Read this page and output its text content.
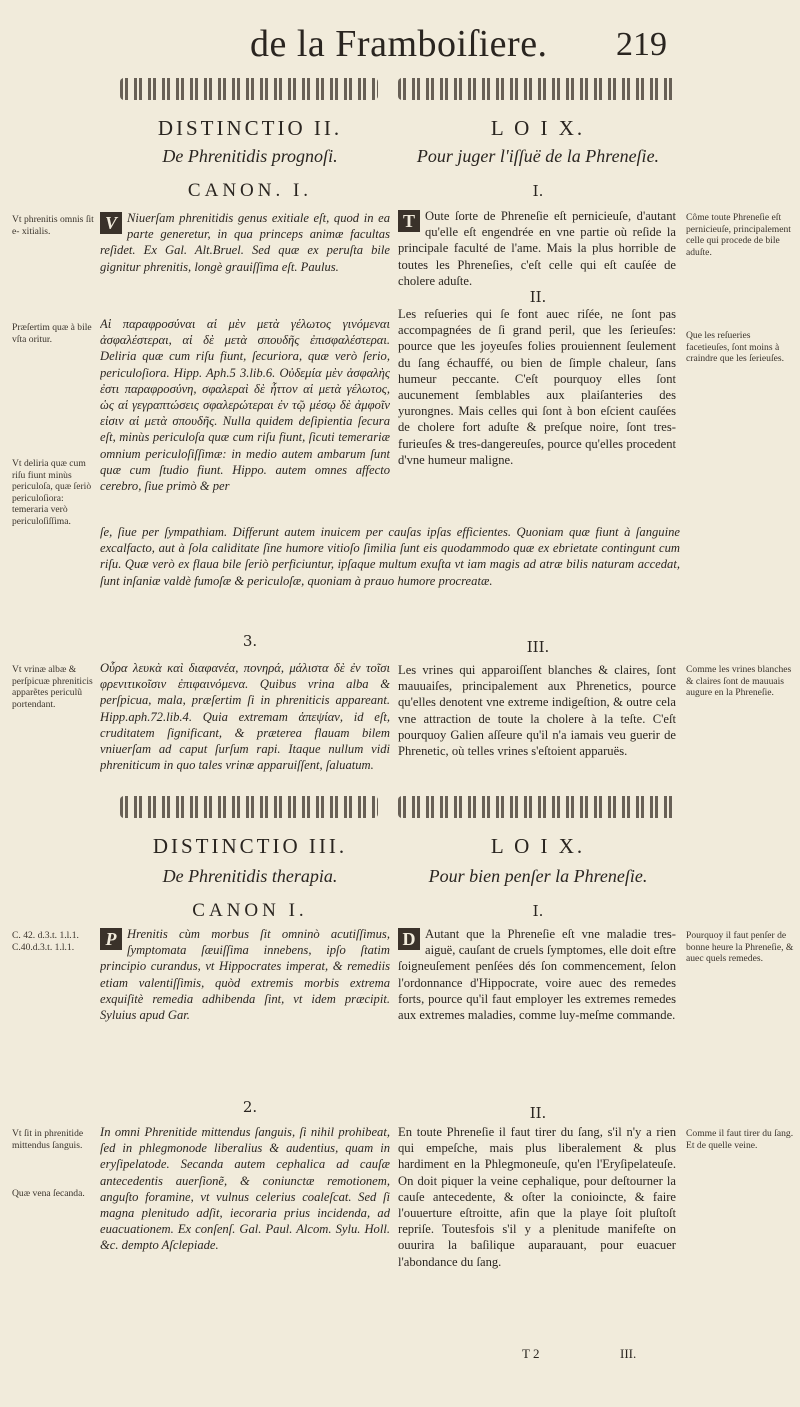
de la Framboiſiere. 219
DISTINCTIO II.
De Phrenitidis prognoſi.
CANON. I.
Vt phrenitis omnis ſit e- xitialis.	V Niuerſam phrenitidis genus exitiale eſt, quod in ea parte generetur, in qua princeps animæ facultas reſidet. Ex Gal. Alt.Bruel. Sed quæ ex peruſta bile gignitur phrenitis, longè grauiſſima eſt. Paulus.
Præſertim quæ à bile vſta oritur.
Αἱ παραφροσύναι αἱ μὲν μετὰ γέλωτος γινόμεναι ἀσφαλέστεραι, αἱ δὲ μετὰ σπουδῆς ἐπισφαλέστεραι. Deliria quæ cum riſu fiunt, ſecuriora, quæ verò ſerio, periculoſiora. Hipp. Aph.5 3.lib.6. Οὐδεμία μὲν ἀσφαλὴς ἐστι παραφροσύνη, σφαλεραὶ δὲ ἧττον αἱ μετὰ γέλωτος, ὡς αἱ γεγραπτώσεις σφαλερώτεραι ἐν τῷ μέσῳ δὲ ἀμφοῖν εἰσιν αἱ μετὰ σπουδῆς. Nulla quidem deſipientia ſecura eſt, minùs periculoſa quæ cum riſu fiunt, ſicuti temerariæ omnium periculoſiſſimæ: in medio autem ambarum ſunt quæ cum ſtudio fiunt. Hippo. autem omnes affecto cerebro, ſiue primò & per
Vt deliria quæ cum riſu fiunt minùs periculoſa, quæ ſeriò periculoſiora: temeraria verò periculoſiſſima.
ſe, ſiue per ſympathiam. Differunt autem inuicem per cauſas ipſas efficientes. Quoniam quæ fiunt à ſanguine excalfacto, aut à ſola caliditate ſine humore vitioſo ſimilia ſunt eis quodammodo quæ ex ebrietate contingunt cum riſu. Quæ verò ex flaua bile ſeriò perficiuntur, ipſaque multum exuſta vt iam magis ad atræ bilis naturam accedat, ſunt inſaniæ valdè fumoſæ & periculoſæ, quoniam à prauo humore procreatæ.
3.
Vt vrinæ albæ & perſpicuæ phreniticis apparẽtes periculũ portendant.
Οὖρα λευκὰ καὶ διαφανέα, πονηρά, μάλιστα δὲ ἐν τοῖσι φρενιτικοῖσιν ἐπιφαινόμενα. Quibus vrina alba & perſpicua, mala, præſertim ſi in phreniticis appareant. Hipp.aph.72.lib.4. Quia extremam ἀπεψίαν, id eſt, cruditatem ſignificant, & præterea flauam bilem vniuerſam ad caput ſurſum rapi. Itaque nullum vidi phreniticum in quo tales vrinæ apparuiſſent, ſaluatum.
L O I X.
Pour juger l'iſſuë de la Phreneſie.
I.
T Oute ſorte de Phreneſie eſt pernicieuſe, d'autant qu'elle eſt engendrée en vne partie où reſide la principale faculté de l'ame. Mais la plus horrible de toutes les Phreneſies, c'eſt celle qui eſt cauſée de cholere aduſte.
II.
Les reſueries qui ſe font auec riſée, ne ſont pas accompagnées de ſi grand peril, que les ſerieuſes: pource que les joyeuſes folies prouiennent ſeulement du ſang échauffé, ou bien de ſimple chaleur, ſans humeur peccante. C'eſt pourquoy elles ſont aucunement ſemblables aux plaiſanteries des yurongnes. Mais celles qui ſont à bon eſcient cauſées de cholere fort aduſte & preſque noire, ſont tres-furieuſes & tres-dangereuſes, pource qu'elles procedent d'vne humeur maligne.
Côme toute Phreneſie eſt pernicieuſe, principalement celle qui procede de bile aduſte.
Que les reſueries facetieuſes, ſont moins à craindre que les ſerieuſes.
III.
Les vrines qui apparoiſſent blanches & claires, ſont mauuaiſes, principalement aux Phrenetics, pource qu'elles denotent vne extreme indigeſtion, & outre cela vne attraction de toute la cholere à la teſte. C'eſt pourquoy Galien aſſeure qu'il n'a iamais veu guerir de Phrenetic, où telles vrines s'eſtoient apparuës.
Comme les vrines blanches & claires ſont de mauuais augure en la Phreneſie.
DISTINCTIO III.
De Phrenitidis therapia.
CANON I.
C. 42. d.3.t. 1.l.1. C.40.d.3.t. 1.l.1.	P Hrenitis cùm morbus ſit omninò acutiſſimus, ſymptomata ſæuiſſima innebens, ipſo ſtatim principio curandus, vt Hippocrates imperat, & remediis etiam valentiſſimis, quòd extremis morbis extrema exquiſitè remedia adhibenda ſint, vt idem præcipit. Syluius apud Gar.
2.
Vt ſit in phrenitide mittendus ſanguis.
Quæ vena ſecanda.
In omni Phrenitide mittendus ſanguis, ſi nihil prohibeat, ſed in phlegmonode liberalius & audentius, quam in eryſipelatode. Secanda autem cephalica ad cauſæ antecedentis auerſionẽ, & coniunctæ remotionem, anguſto foramine, vt vulnus celerius coaleſcat. Sed ſi magna plenitudo adſit, iecoraria prius incidenda, ad euacuationem. Ex conſenſ. Gal. Paul. Alcom. Sylu. Holl. &c. dempto Aſclepiade.
L O I X.
Pour bien penſer la Phreneſie.
I.
D Autant que la Phreneſie eſt vne maladie tres-aiguë, cauſant de cruels ſymptomes, elle doit eſtre ſoigneuſement penſées dés ſon commencement, ſelon l'ordonnance d'Hippocrate, voire auec des remedes forts, pource qu'il faut employer les extremes remedes aux extremes maladies, comme luy-meſme commande.
Pourquoy il faut penſer de bonne heure la Phreneſie, & auec quels remedes.
II.
En toute Phreneſie il faut tirer du ſang, s'il n'y a rien qui empeſche, mais plus liberalement & plus hardiment en la Phlegmoneuſe, qu'en l'Eryſipelateuſe. On doit piquer la veine cephalique, pour deſtourner la cauſe antecedente, & oſter la conioincte, & faire l'ouuerture eſtroitte, afin que la playe ſoit pluſtoſt repriſe. Toutesfois s'il y a plenitude manifeſte on ouurira la baſilique auparauant, pour euacuer l'abondance du ſang.
Comme il faut tirer du ſang. Et de quelle veine.
T 2	III.
